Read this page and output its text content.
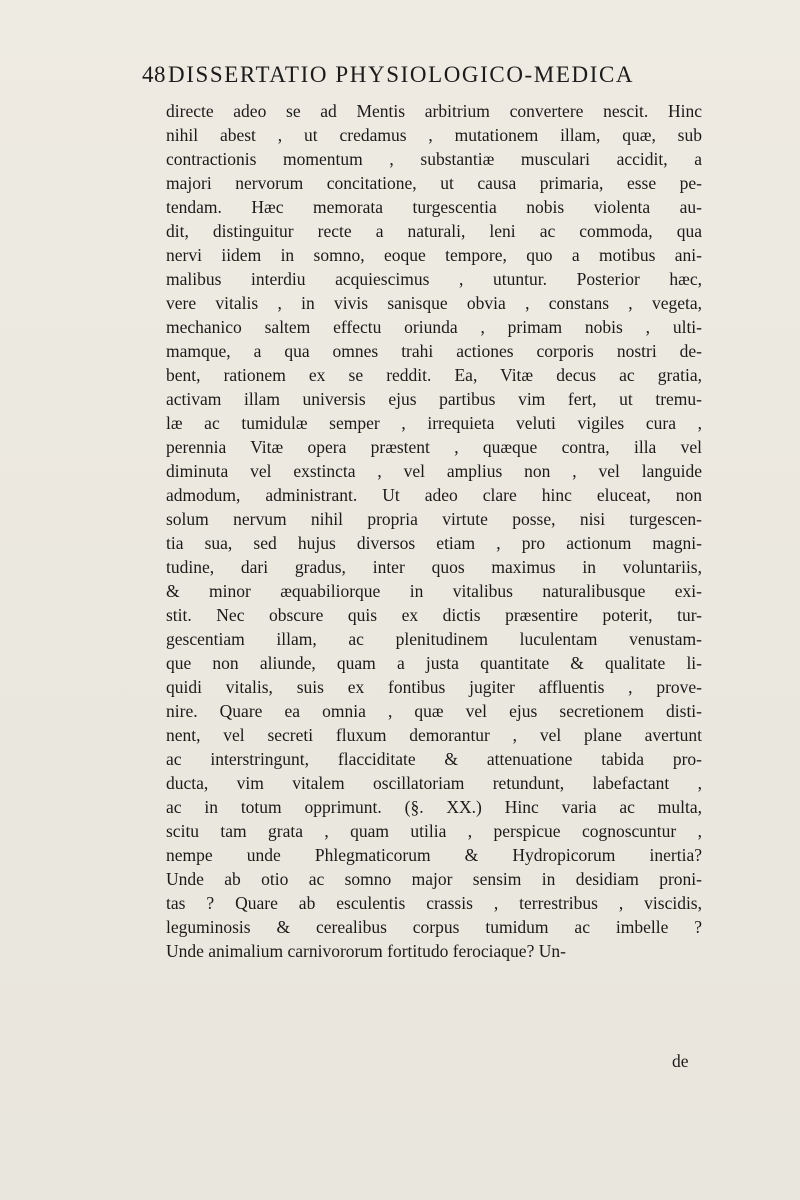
48 DISSERTATIO PHYSIOLOGICO-MEDICA
directe adeo se ad Mentis arbitrium convertere nescit. Hinc
nihil abest , ut credamus , mutationem illam, quæ, sub
contractionis momentum , substantiæ musculari accidit, a
majori nervorum concitatione, ut causa primaria, esse pe-
tendam. Hæc memorata turgescentia nobis violenta au-
dit, distinguitur recte a naturali, leni ac commoda, qua
nervi iidem in somno, eoque tempore, quo a motibus ani-
malibus interdiu acquiescimus , utuntur. Posterior hæc,
vere vitalis , in vivis sanisque obvia , constans , vegeta,
mechanico saltem effectu oriunda , primam nobis , ulti-
mamque, a qua omnes trahi actiones corporis nostri de-
bent, rationem ex se reddit. Ea, Vitæ decus ac gratia,
activam illam universis ejus partibus vim fert, ut tremu-
læ ac tumidulæ semper , irrequieta veluti vigiles cura ,
perennia Vitæ opera præstent , quæque contra, illa vel
diminuta vel exstincta , vel amplius non , vel languide
admodum, administrant. Ut adeo clare hinc eluceat, non
solum nervum nihil propria virtute posse, nisi turgescen-
tia sua, sed hujus diversos etiam , pro actionum magni-
tudine, dari gradus, inter quos maximus in voluntariis,
& minor æquabiliorque in vitalibus naturalibusque exi-
stit. Nec obscure quis ex dictis præsentire poterit, tur-
gescentiam illam, ac plenitudinem luculentam venustam-
que non aliunde, quam a justa quantitate & qualitate li-
quidi vitalis, suis ex fontibus jugiter affluentis , prove-
nire. Quare ea omnia , quæ vel ejus secretionem disti-
nent, vel secreti fluxum demorantur , vel plane avertunt
ac interstringunt, flacciditate & attenuatione tabida pro-
ducta, vim vitalem oscillatoriam retundunt, labefactant ,
ac in totum opprimunt. (§. XX.) Hinc varia ac multa,
scitu tam grata , quam utilia , perspicue cognoscuntur ,
nempe unde Phlegmaticorum & Hydropicorum inertia?
Unde ab otio ac somno major sensim in desidiam proni-
tas ? Quare ab esculentis crassis , terrestribus , viscidis,
leguminosis & cerealibus corpus tumidum ac imbelle ?
Unde animalium carnivororum fortitudo ferociaque? Un-
de
